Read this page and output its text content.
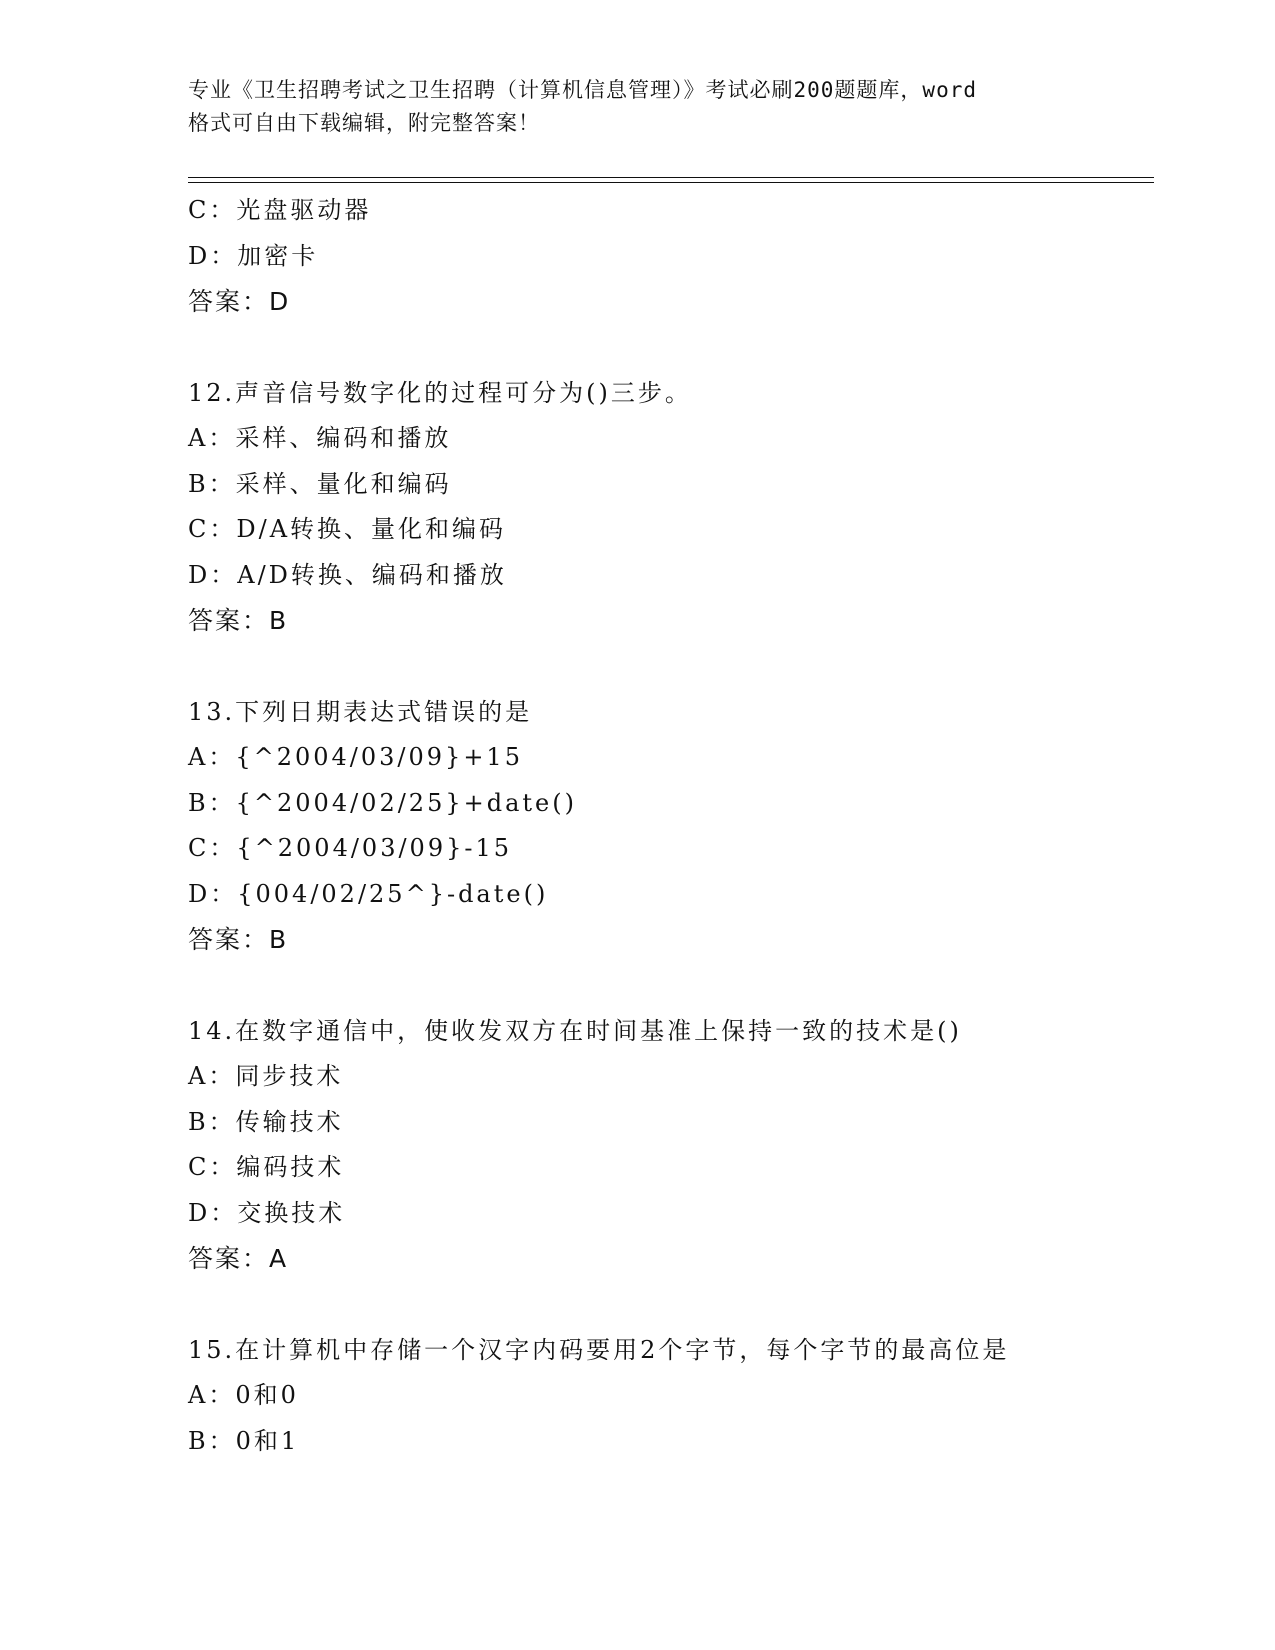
专业《卫生招聘考试之卫生招聘（计算机信息管理）》考试必刷200题题库，word
格式可自由下载编辑，附完整答案！
C：光盘驱动器
D：加密卡
答案：D
12.声音信号数字化的过程可分为()三步。
A：采样、编码和播放
B：采样、量化和编码
C：D/A转换、量化和编码
D：A/D转换、编码和播放
答案：B
13.下列日期表达式错误的是
A：{^2004/03/09}+15
B：{^2004/02/25}+date()
C：{^2004/03/09}-15
D：{004/02/25^}-date()
答案：B
14.在数字通信中，使收发双方在时间基准上保持一致的技术是()
A：同步技术
B：传输技术
C：编码技术
D：交换技术
答案：A
15.在计算机中存储一个汉字内码要用2个字节，每个字节的最高位是
A：0和0
B：0和1
